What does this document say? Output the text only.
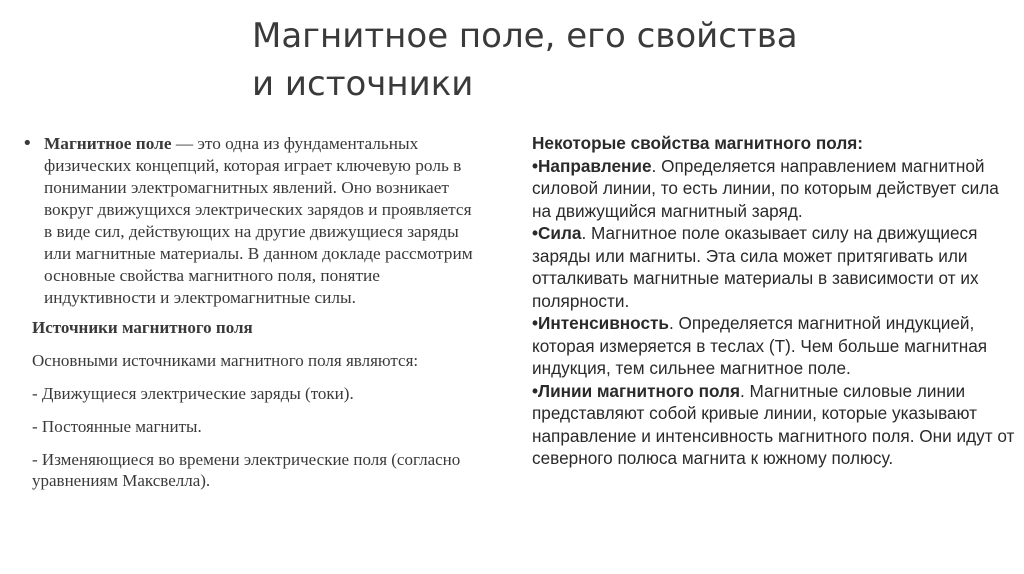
Магнитное поле, его свойства
и источники
• Магнитное поле — это одна из фундаментальных физических концепций, которая играет ключевую роль в понимании электромагнитных явлений. Оно возникает вокруг движущихся электрических зарядов и проявляется в виде сил, действующих на другие движущиеся заряды или магнитные материалы. В данном докладе рассмотрим основные свойства магнитного поля, понятие индуктивности и электромагнитные силы.
Источники магнитного поля

Основными источниками магнитного поля являются:

- Движущиеся электрические заряды (токи).

- Постоянные магниты.

- Изменяющиеся во времени электрические поля (согласно уравнениям Максвелла).

Некоторые свойства магнитного поля:

•Направление. Определяется направлением магнитной силовой линии, то есть линии, по которым действует сила на движущийся магнитный заряд.

•Сила. Магнитное поле оказывает силу на движущиеся заряды или магниты. Эта сила может притягивать или отталкивать магнитные материалы в зависимости от их полярности.

•Интенсивность. Определяется магнитной индукцией, которая измеряется в теслах (Т). Чем больше магнитная индукция, тем сильнее магнитное поле.

•Линии магнитного поля. Магнитные силовые линии представляют собой кривые линии, которые указывают направление и интенсивность магнитного поля. Они идут от северного полюса магнита к южному полюсу.
